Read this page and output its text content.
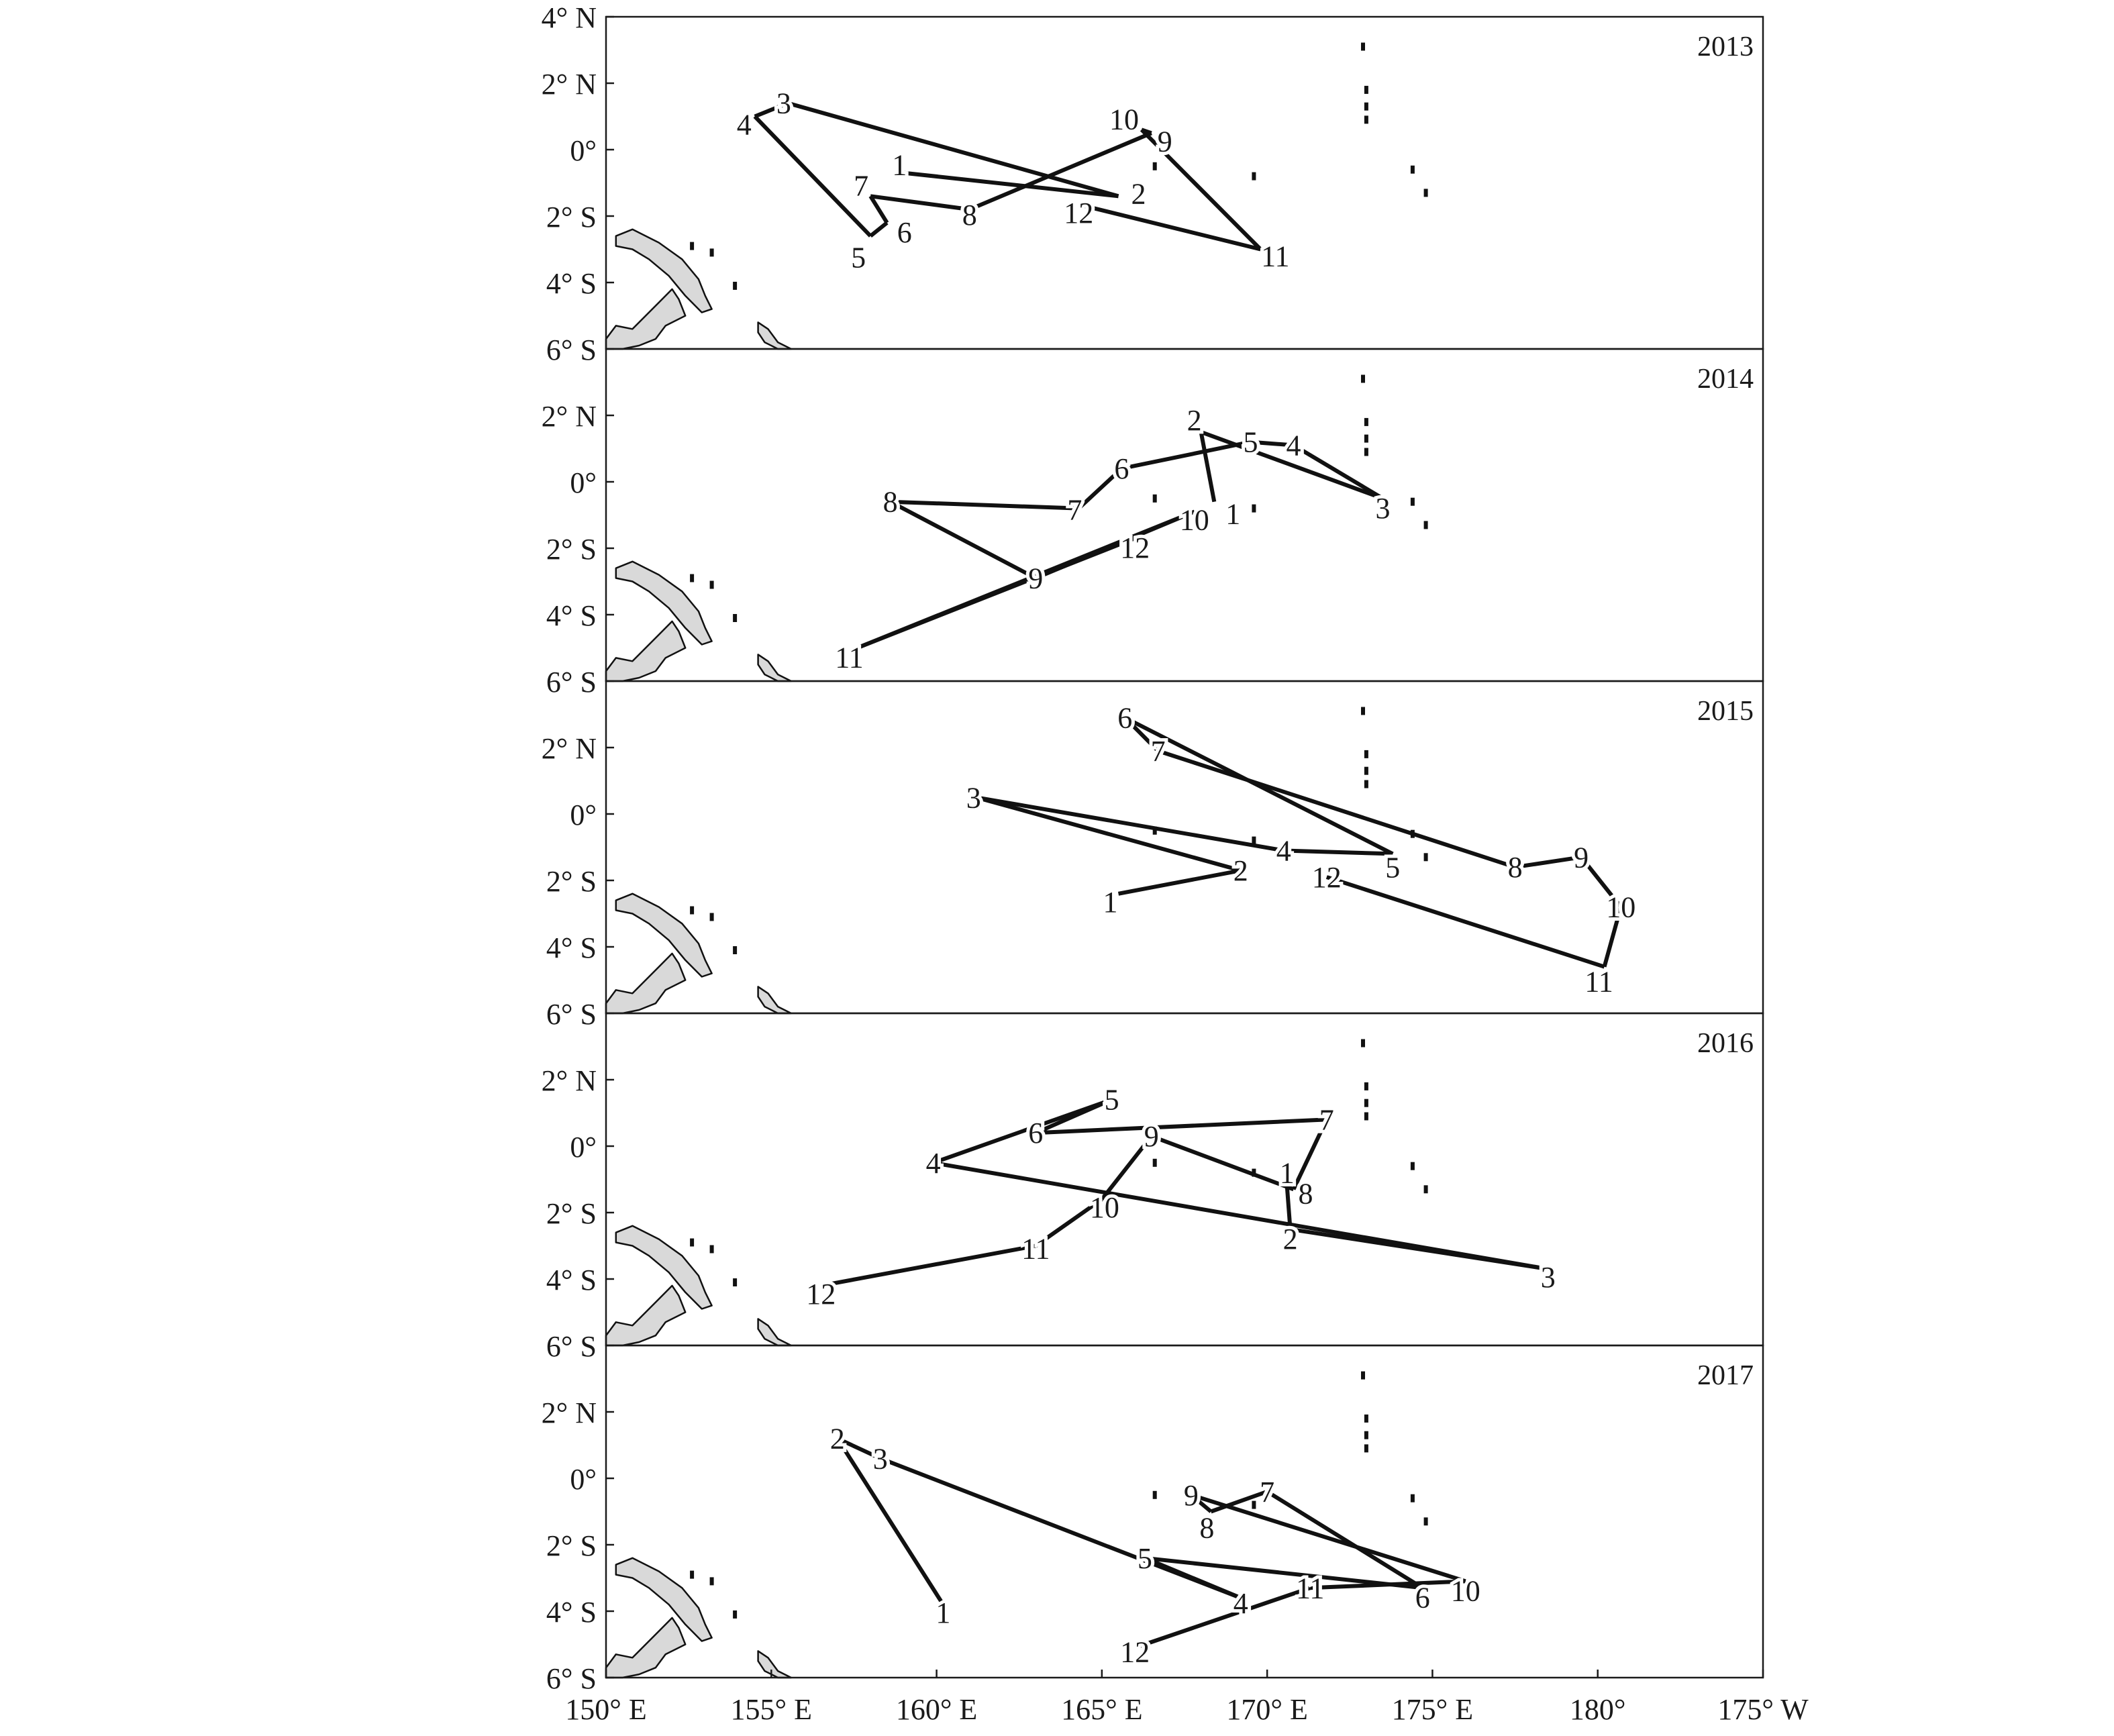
4° N
2° N
0°
2° S
4° S
6° S
2013
1
2
3
4
5
6
7
8
9
10
11
12
2° N
0°
2° S
4° S
6° S
2014
1
2
3
4
5
6
7
8
9
10
11
12
2° N
0°
2° S
4° S
6° S
2015
1
2
3
4
5
6
7
8 9
10
11
12
2° N
0°
2° S
4° S
6° S
2016
1
2
3
4
5
6	7
8
9
10
11
12
2° N
0°
2° S
4° S
6° S
2017
1
2
3
4
5
6
7
8
9
10
11
12
150° E	155° E	160° E	165° E	170° E	175° E	180°	175° W
